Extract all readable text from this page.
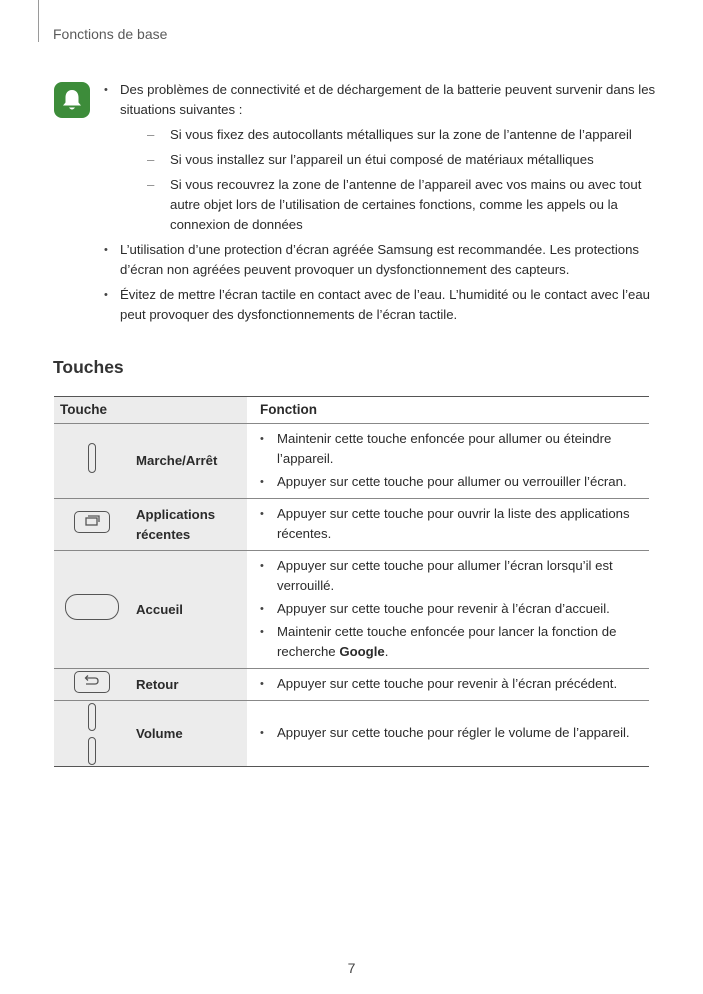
Fonctions de base
• Des problèmes de connectivité et de déchargement de la batterie peuvent survenir dans les situations suivantes :
– Si vous fixez des autocollants métalliques sur la zone de l’antenne de l’appareil
– Si vous installez sur l’appareil un étui composé de matériaux métalliques
– Si vous recouvrez la zone de l’antenne de l’appareil avec vos mains ou avec tout autre objet lors de l’utilisation de certaines fonctions, comme les appels ou la connexion de données
• L’utilisation d’une protection d’écran agréée Samsung est recommandée. Les protections d’écran non agréées peuvent provoquer un dysfonctionnement des capteurs.
• Évitez de mettre l’écran tactile en contact avec de l’eau. L’humidité ou le contact avec l’eau peut provoquer des dysfonctionnements de l’écran tactile.
Touches
Touche		Fonction
	Marche/Arrêt	• Maintenir cette touche enfoncée pour allumer ou éteindre l’appareil.
• Appuyer sur cette touche pour allumer ou verrouiller l’écran.

	Applications récentes	• Appuyer sur cette touche pour ouvrir la liste des applications récentes.

	Accueil	• Appuyer sur cette touche pour allumer l’écran lorsqu’il est verrouillé.
• Appuyer sur cette touche pour revenir à l’écran d’accueil.
• Maintenir cette touche enfoncée pour lancer la fonction de recherche Google.

	Retour	• Appuyer sur cette touche pour revenir à l’écran précédent.

	Volume	• Appuyer sur cette touche pour régler le volume de l’appareil.
7
